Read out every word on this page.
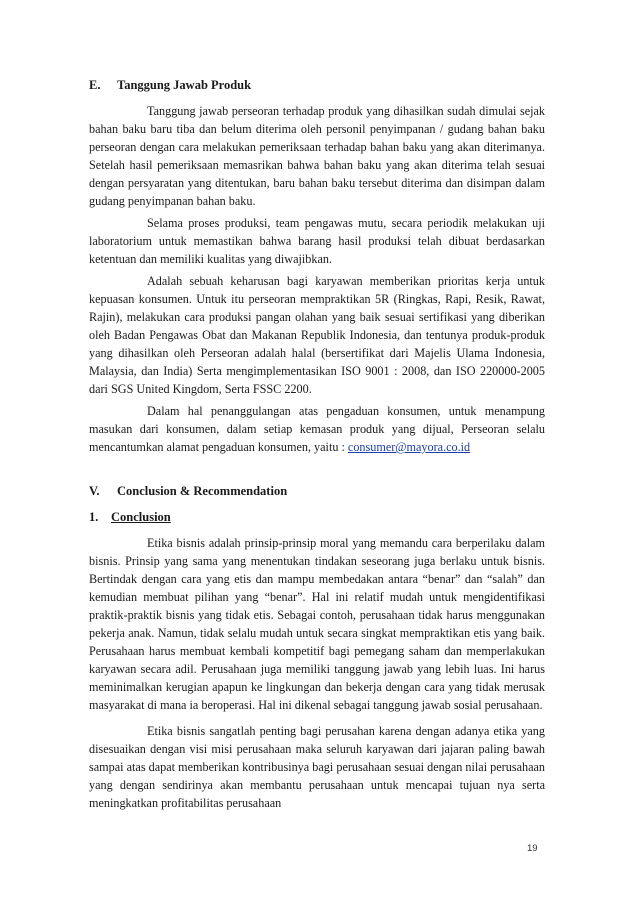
E. Tanggung Jawab Produk

Tanggung jawab perseoran terhadap produk yang dihasilkan sudah dimulai sejak bahan baku baru tiba dan belum diterima oleh personil penyimpanan / gudang bahan baku perseoran dengan cara melakukan pemeriksaan terhadap bahan baku yang akan diterimanya. Setelah hasil pemeriksaan memasrikan bahwa bahan baku yang akan diterima telah sesuai dengan persyaratan yang ditentukan, baru bahan baku tersebut diterima dan disimpan dalam gudang penyimpanan bahan baku.

Selama proses produksi, team pengawas mutu, secara periodik melakukan uji laboratorium untuk memastikan bahwa barang hasil produksi telah dibuat berdasarkan ketentuan dan memiliki kualitas yang diwajibkan.

Adalah sebuah keharusan bagi karyawan memberikan prioritas kerja untuk kepuasan konsumen. Untuk itu perseoran mempraktikan 5R (Ringkas, Rapi, Resik, Rawat, Rajin), melakukan cara produksi pangan olahan yang baik sesuai sertifikasi yang diberikan oleh Badan Pengawas Obat dan Makanan Republik Indonesia, dan tentunya produk-produk yang dihasilkan oleh Perseoran adalah halal (bersertifikat dari Majelis Ulama Indonesia, Malaysia, dan India) Serta mengimplementasikan ISO 9001 : 2008, dan ISO 220000-2005 dari SGS United Kingdom, Serta FSSC 2200.

Dalam hal penanggulangan atas pengaduan konsumen, untuk menampung masukan dari konsumen, dalam setiap kemasan produk yang dijual, Perseoran selalu mencantumkan alamat pengaduan konsumen, yaitu : consumer@mayora.co.id

V. Conclusion & Recommendation
1. Conclusion

Etika bisnis adalah prinsip-prinsip moral yang memandu cara berperilaku dalam bisnis. Prinsip yang sama yang menentukan tindakan seseorang juga berlaku untuk bisnis. Bertindak dengan cara yang etis dan mampu membedakan antara “benar” dan “salah” dan kemudian membuat pilihan yang “benar”. Hal ini relatif mudah untuk mengidentifikasi praktik-praktik bisnis yang tidak etis. Sebagai contoh, perusahaan tidak harus menggunakan pekerja anak. Namun, tidak selalu mudah untuk secara singkat mempraktikan etis yang baik. Perusahaan harus membuat kembali kompetitif bagi pemegang saham dan memperlakukan karyawan secara adil. Perusahaan juga memiliki tanggung jawab yang lebih luas. Ini harus meminimalkan kerugian apapun ke lingkungan dan bekerja dengan cara yang tidak merusak masyarakat di mana ia beroperasi. Hal ini dikenal sebagai tanggung jawab sosial perusahaan.

Etika bisnis sangatlah penting bagi perusahan karena dengan adanya etika yang disesuaikan dengan visi misi perusahaan maka seluruh karyawan dari jajaran paling bawah sampai atas dapat memberikan kontribusinya bagi perusahaan sesuai dengan nilai perusahaan yang dengan sendirinya akan membantu perusahaan untuk mencapai tujuan nya serta meningkatkan profitabilitas perusahaan

19
